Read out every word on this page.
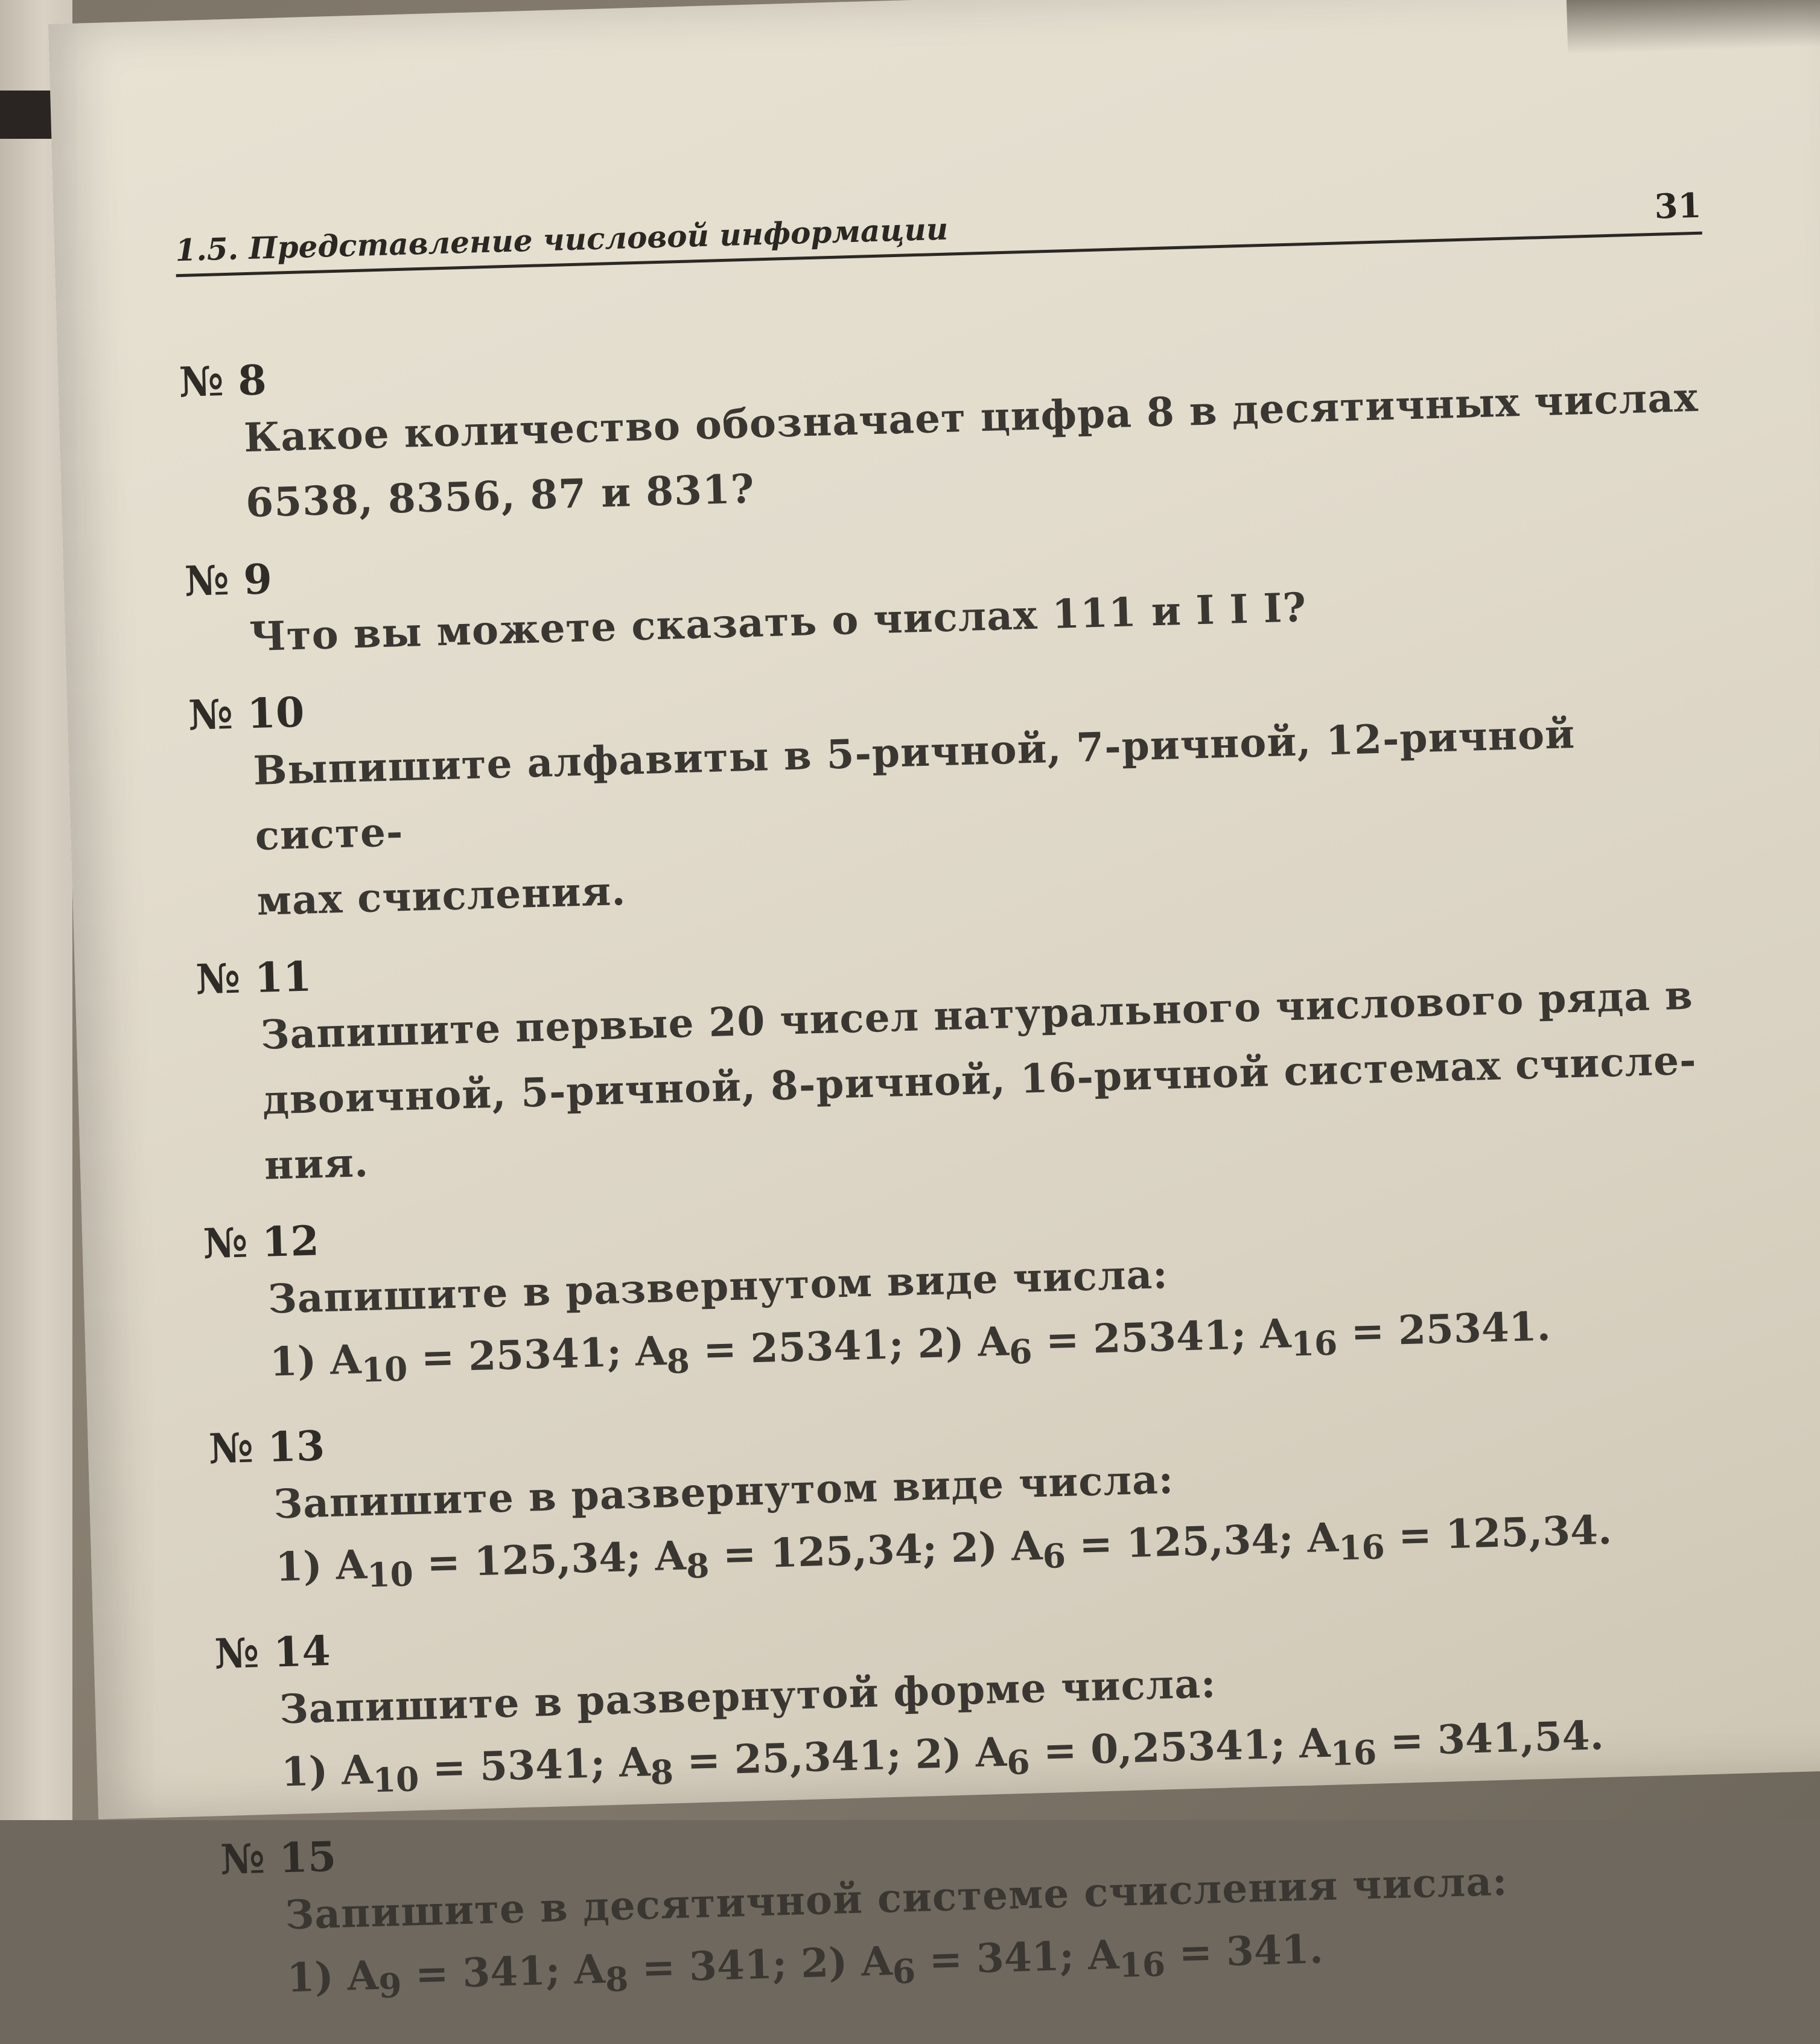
1.5. Представление числовой информации
31
№ 8
Какое количество обозначает цифра 8 в десятичных числах
6538, 8356, 87 и 831?
№ 9
Что вы можете сказать о числах 111 и I I I?
№ 10
Выпишите алфавиты в 5-ричной, 7-ричной, 12-ричной систе-
мах счисления.
№ 11
Запишите первые 20 чисел натурального числового ряда в
двоичной, 5-ричной, 8-ричной, 16-ричной системах счисле-
ния.
№ 12
Запишите в развернутом виде числа:
1) $A_{10} = 25341$; $A_8 = 25341$; 2) $A_6 = 25341$; $A_{16} = 25341$.
№ 13
Запишите в развернутом виде числа:
1) $A_{10} = 125,34$; $A_8 = 125,34$; 2) $A_6 = 125,34$; $A_{16} = 125,34$.
№ 14
Запишите в развернутой форме числа:
1) $A_{10} = 5341$; $A_8 = 25,341$; 2) $A_6 = 0,25341$; $A_{16} = 341,54$.
№ 15
Запишите в десятичной системе счисления числа:
1) $A_9 = 341$; $A_8 = 341$; 2) $A_6 = 341$; $A_{16} = 341$.
